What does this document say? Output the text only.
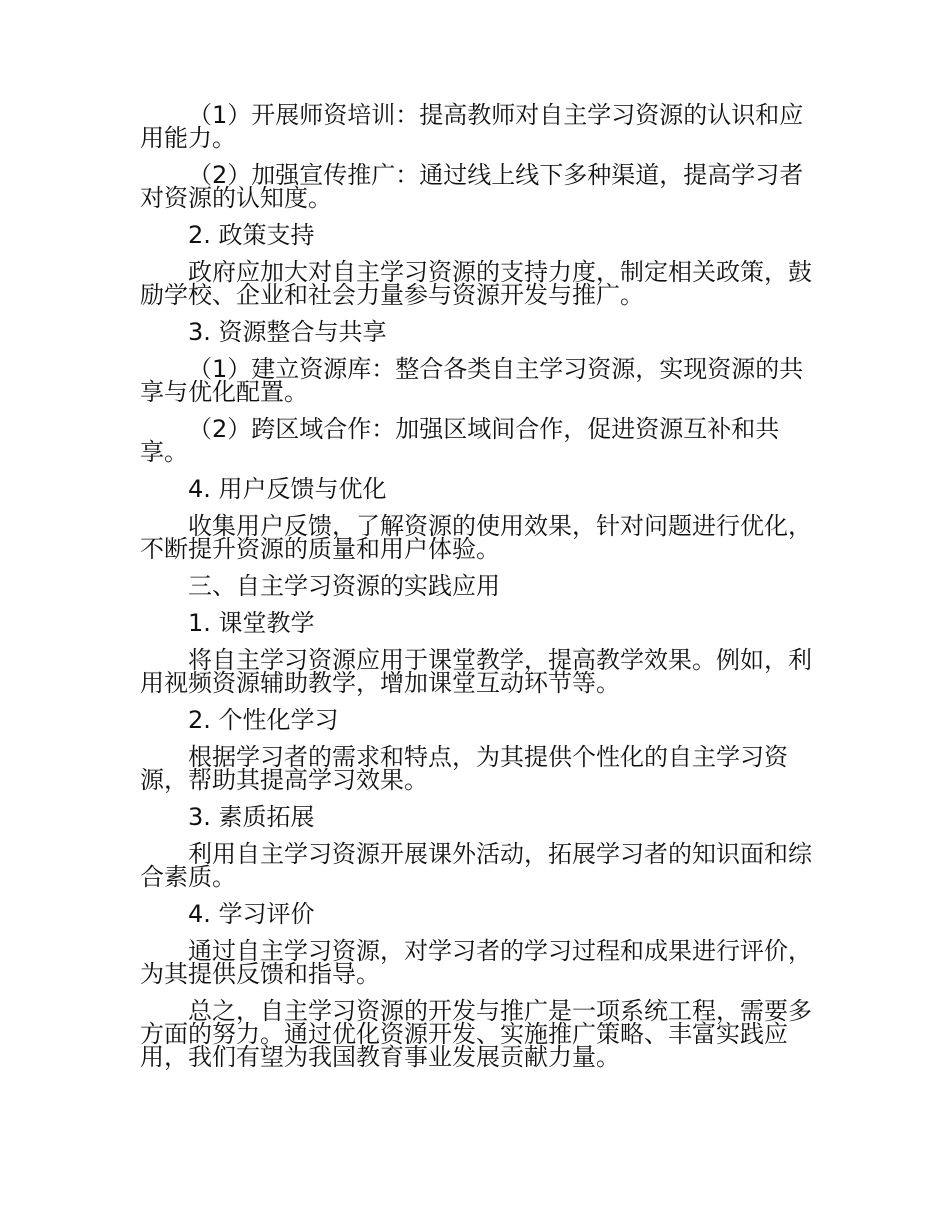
（1）开展师资培训：提高教师对自主学习资源的认识和应用能力。

（2）加强宣传推广：通过线上线下多种渠道，提高学习者对资源的认知度。

2. 政策支持

政府应加大对自主学习资源的支持力度，制定相关政策，鼓励学校、企业和社会力量参与资源开发与推广。

3. 资源整合与共享

（1）建立资源库：整合各类自主学习资源，实现资源的共享与优化配置。

（2）跨区域合作：加强区域间合作，促进资源互补和共享。

4. 用户反馈与优化

收集用户反馈，了解资源的使用效果，针对问题进行优化，不断提升资源的质量和用户体验。

三、自主学习资源的实践应用

1. 课堂教学

将自主学习资源应用于课堂教学，提高教学效果。例如，利用视频资源辅助教学，增加课堂互动环节等。

2. 个性化学习

根据学习者的需求和特点，为其提供个性化的自主学习资源，帮助其提高学习效果。

3. 素质拓展

利用自主学习资源开展课外活动，拓展学习者的知识面和综合素质。

4. 学习评价

通过自主学习资源，对学习者的学习过程和成果进行评价，为其提供反馈和指导。

总之，自主学习资源的开发与推广是一项系统工程，需要多方面的努力。通过优化资源开发、实施推广策略、丰富实践应用，我们有望为我国教育事业发展贡献力量。
